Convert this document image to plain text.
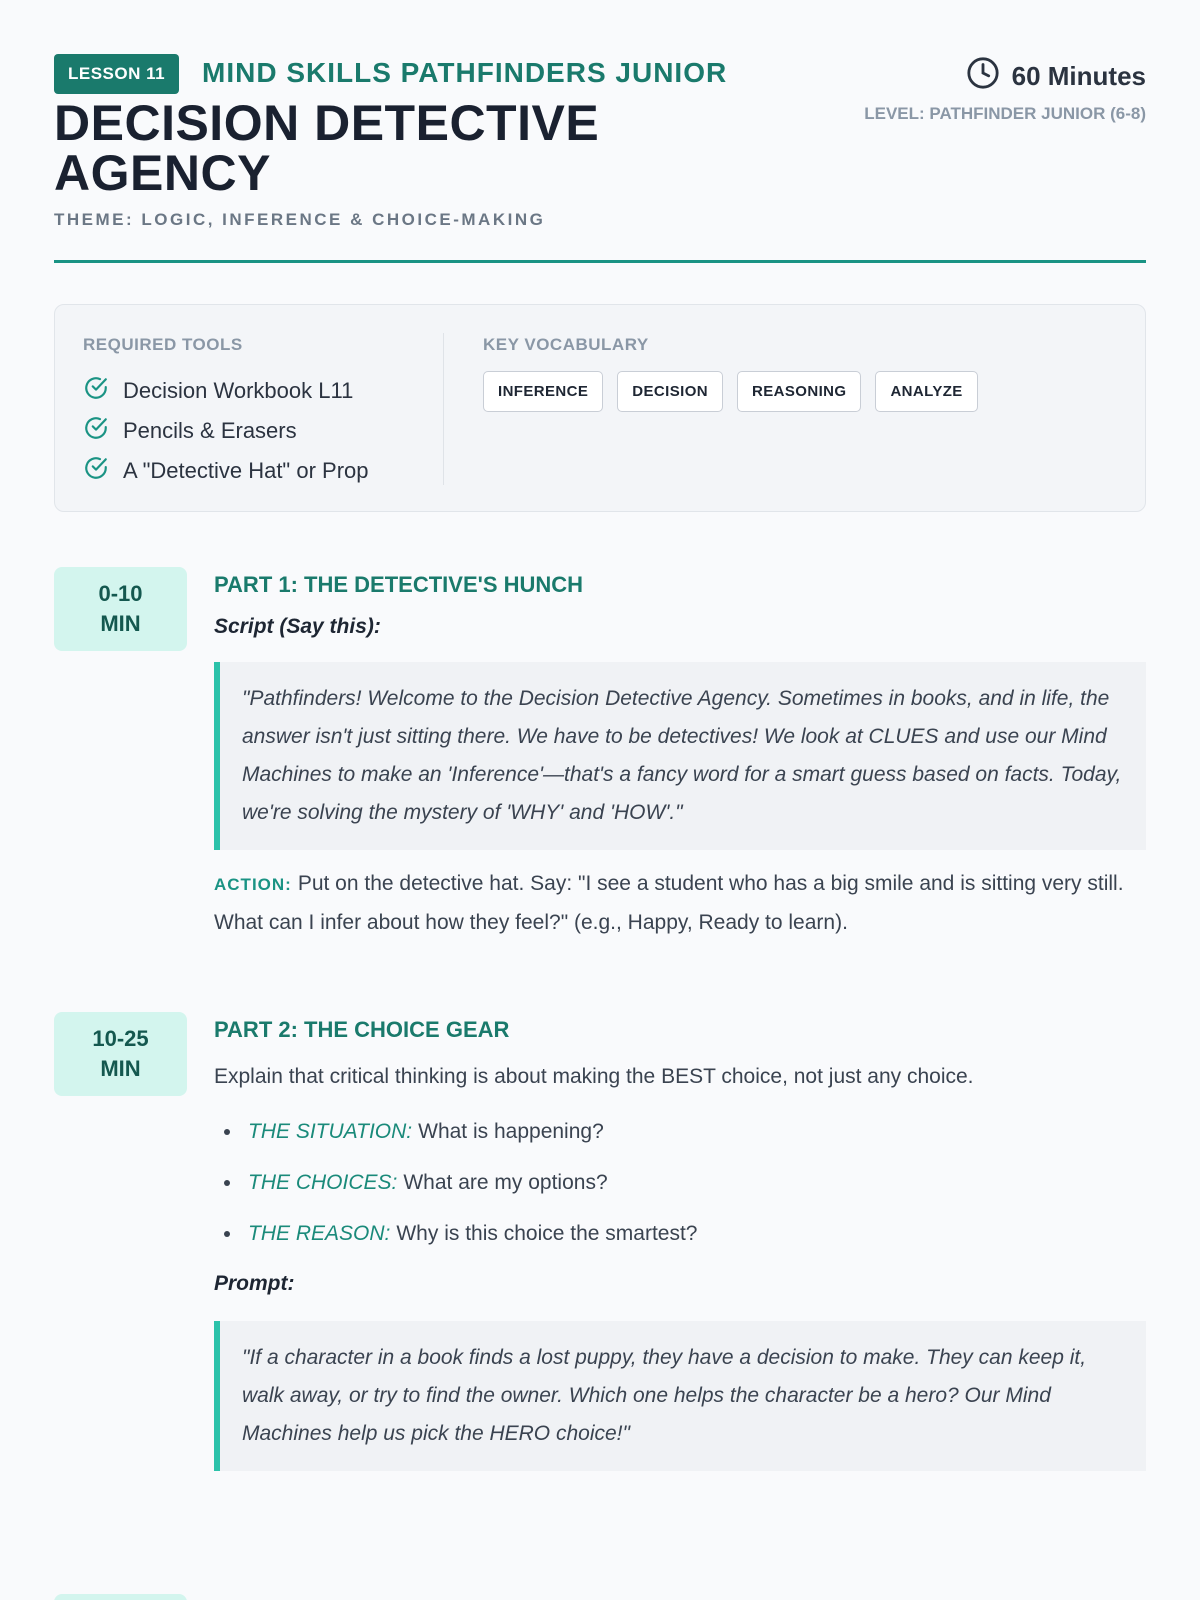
LESSON 11	MIND SKILLS PATHFINDERS JUNIOR
DECISION DETECTIVE AGENCY
THEME: LOGIC, INFERENCE & CHOICE-MAKING
60 Minutes
LEVEL: PATHFINDER JUNIOR (6-8)
REQUIRED TOOLS
Decision Workbook L11
Pencils & Erasers
A "Detective Hat" or Prop
KEY VOCABULARY
INFERENCE	DECISION	REASONING	ANALYZE
0-10
MIN
PART 1: THE DETECTIVE'S HUNCH
Script (Say this):
"Pathfinders! Welcome to the Decision Detective Agency. Sometimes in books, and in life, the answer isn't just sitting there. We have to be detectives! We look at CLUES and use our Mind Machines to make an 'Inference'—that's a fancy word for a smart guess based on facts. Today, we're solving the mystery of 'WHY' and 'HOW'."
ACTION: Put on the detective hat. Say: "I see a student who has a big smile and is sitting very still. What can I infer about how they feel?" (e.g., Happy, Ready to learn).
10-25
MIN
PART 2: THE CHOICE GEAR
Explain that critical thinking is about making the BEST choice, not just any choice.
THE SITUATION: What is happening?
THE CHOICES: What are my options?
THE REASON: Why is this choice the smartest?
Prompt:
"If a character in a book finds a lost puppy, they have a decision to make. They can keep it, walk away, or try to find the owner. Which one helps the character be a hero? Our Mind Machines help us pick the HERO choice!"
